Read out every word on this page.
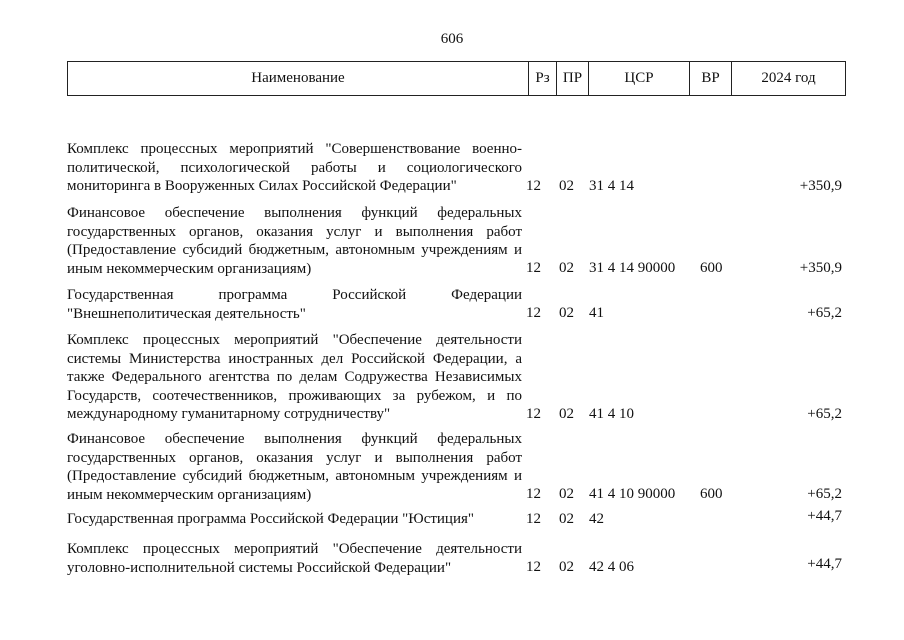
606
Наименование	Рз ПР	ЦСР	ВР	2024 год
Комплекс процессных мероприятий "Совершенствование военно-
политической, психологической работы и социологического
мониторинга в Вооруженных Силах Российской Федерации"	12 02 31 4 14	+350,9
Финансовое обеспечение выполнения функций федеральных
государственных органов, оказания услуг и выполнения работ
(Предоставление субсидий бюджетным, автономным учреждениям и
иным некоммерческим организациям)	12 02 31 4 14 90000 600	+350,9
Государственная программа Российской Федерации
"Внешнеполитическая деятельность"	12 02 41	+65,2
Комплекс процессных мероприятий "Обеспечение деятельности
системы Министерства иностранных дел Российской Федерации, а
также Федерального агентства по делам Содружества Независимых
Государств, соотечественников, проживающих за рубежом, и по
международному гуманитарному сотрудничеству"	12 02 41 4 10	+65,2
Финансовое обеспечение выполнения функций федеральных
государственных органов, оказания услуг и выполнения работ
(Предоставление субсидий бюджетным, автономным учреждениям и
иным некоммерческим организациям)	12 02 41 4 10 90000 600	+65,2
Государственная программа Российской Федерации "Юстиция"	12 02 42	+44,7
Комплекс процессных мероприятий "Обеспечение деятельности
уголовно-исполнительной системы Российской Федерации"	12 02 42 4 06	+44,7
